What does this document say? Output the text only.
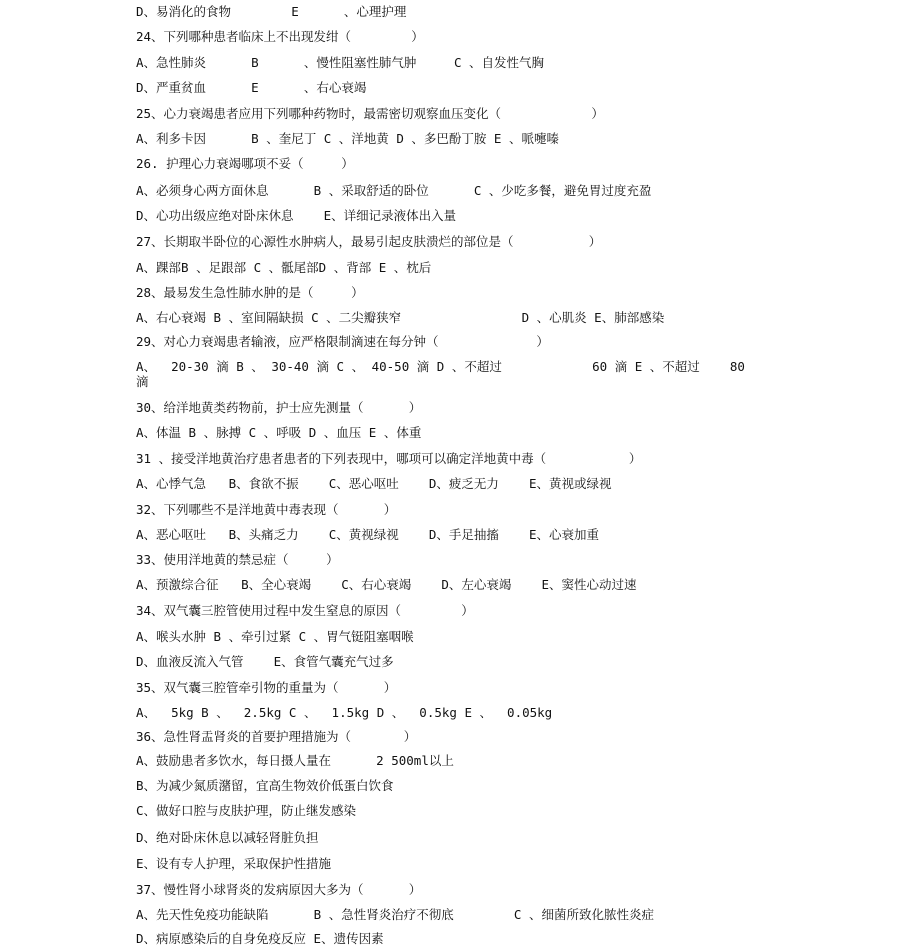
D、易消化的食物        E      、心理护理
24、下列哪种患者临床上不出现发绀（        ）
A、急性肺炎      B      、慢性阻塞性肺气肿     C 、自发性气胸
D、严重贫血      E      、右心衰竭
25、心力衰竭患者应用下列哪种药物时，最需密切观察血压变化（            ）
A、利多卡因      B 、奎尼丁 C 、洋地黄 D 、多巴酚丁胺 E 、哌嚏嗪
26. 护理心力衰竭哪项不妥（     ）
A、必须身心两方面休息      B 、采取舒适的卧位      C 、少吃多餐，避免胃过度充盈
D、心功出级应绝对卧床休息    E、详细记录液体出入量
27、长期取半卧位的心源性水肿病人，最易引起皮肤溃烂的部位是（          ）
A、踝部B 、足跟部 C 、骶尾部D 、背部 E 、枕后
28、最易发生急性肺水肿的是（     ）
A、右心衰竭 B 、室间隔缺损 C 、二尖瓣狭窄                D 、心肌炎 E、肺部感染
29、对心力衰竭患者输液，应严格限制滴速在每分钟（             ）
A、  20-30 滴 B 、 30-40 滴 C 、 40-50 滴 D 、不超过            60 滴 E 、不超过    80
滴
30、给洋地黄类药物前，护士应先测量（      ）
A、体温 B 、脉搏 C 、呼吸 D 、血压 E 、体重
31 、接受洋地黄治疗患者患者的下列表现中，哪项可以确定洋地黄中毒（           ）
A、心悸气急   B、食欲不振    C、恶心呕吐    D、疲乏无力    E、黄视或绿视
32、下列哪些不是洋地黄中毒表现（      ）
A、恶心呕吐   B、头痛乏力    C、黄视绿视    D、手足抽搐    E、心衰加重
33、使用洋地黄的禁忌症（     ）
A、预激综合征   B、全心衰竭    C、右心衰竭    D、左心衰竭    E、窦性心动过速
34、双气囊三腔管使用过程中发生窒息的原因（        ）
A、喉头水肿 B 、牵引过紧 C 、胃气铤阻塞咽喉
D、血液反流入气管    E、食管气囊充气过多
35、双气囊三腔管牵引物的重量为（      ）
A、  5kg B 、  2.5kg C 、  1.5kg D 、  0.5kg E 、  0.05kg
36、急性肾盂肾炎的首要护理措施为（       ）
A、鼓励患者多饮水，每日摄人量在      2 500ml以上
B、为减少氮质潴留，宜高生物效价低蛋白饮食
C、做好口腔与皮肤护理，防止继发感染
D、绝对卧床休息以减轻肾脏负担
E、设有专人护理，采取保护性措施
37、慢性肾小球肾炎的发病原因大多为（      ）
A、先天性免疫功能缺陷      B 、急性肾炎治疗不彻底        C 、细菌所致化脓性炎症
D、病原感染后的自身免疫反应 E、遗传因素
